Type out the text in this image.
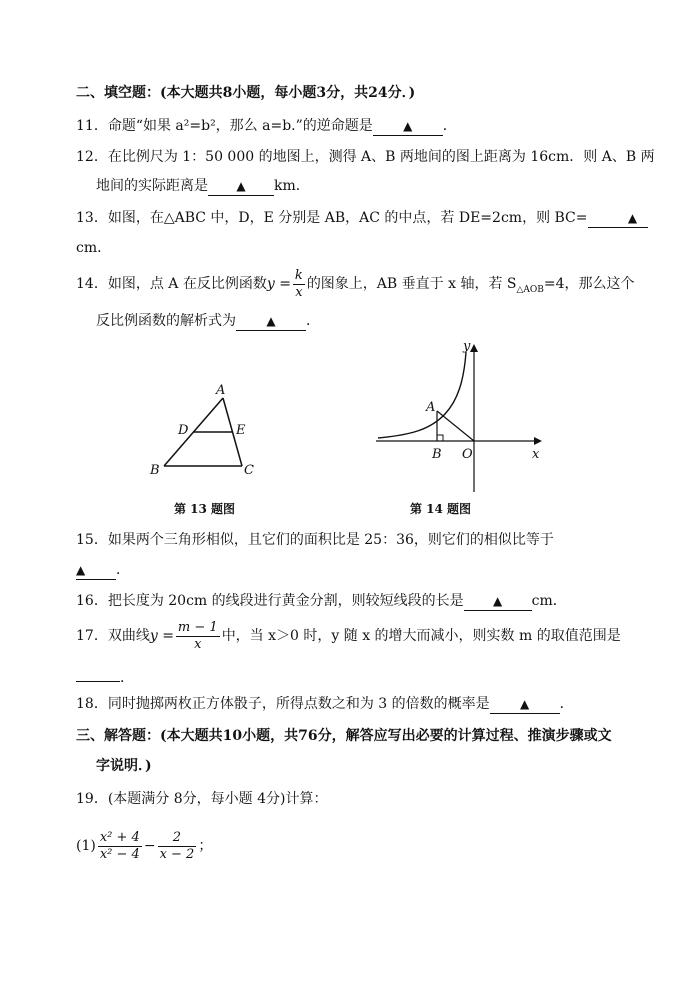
二、填空题：(本大题共8小题，每小题3分，共24分．)
11．命题“如果 a²=b²，那么 a=b.”的逆命题是	▲ ．
12．在比例尺为 1：50 000 的地图上，测得 A、B 两地间的图上距离为 16cm．则 A、B 两
地间的实际距离是 ▲ km．
13．如图，在△ABC 中，D，E 分别是 AB，AC 的中点，若 DE=2cm，则 BC=	▲
cm．
14．如图，点 A 在反比例函数$y = \frac{k}{x}$ 的图象上，AB 垂直于 x 轴，若 $S_{\triangle AOB}=4$，那么这个
反比例函数的解析式为	▲ ．
A
D	E
B	C
第 13 题图
y
x
A
B O
第 14 题图
15．如果两个三角形相似，且它们的面积比是 25：36，则它们的相似比等于
▲ ．
16．把长度为 20cm 的线段进行黄金分割，则较短线段的长是 ▲ cm．
17．双曲线$y = \frac{m - 1}{x}$ 中，当 x＞0 时，y 随 x 的增大而减小，则实数 m 的取值范围是
．
18．同时抛掷两枚正方体骰子，所得点数之和为 3 的倍数的概率是	▲ ．
三、解答题：(本大题共10小题，共76分，解答应写出必要的计算过程、推演步骤或文
字说明．)
19．(本题满分 8分，每小题 4分)计算：
$(1) \frac{\text{x² + 4}}{\text{x² − 4}} - \frac{2}{x - 2}$ ；
